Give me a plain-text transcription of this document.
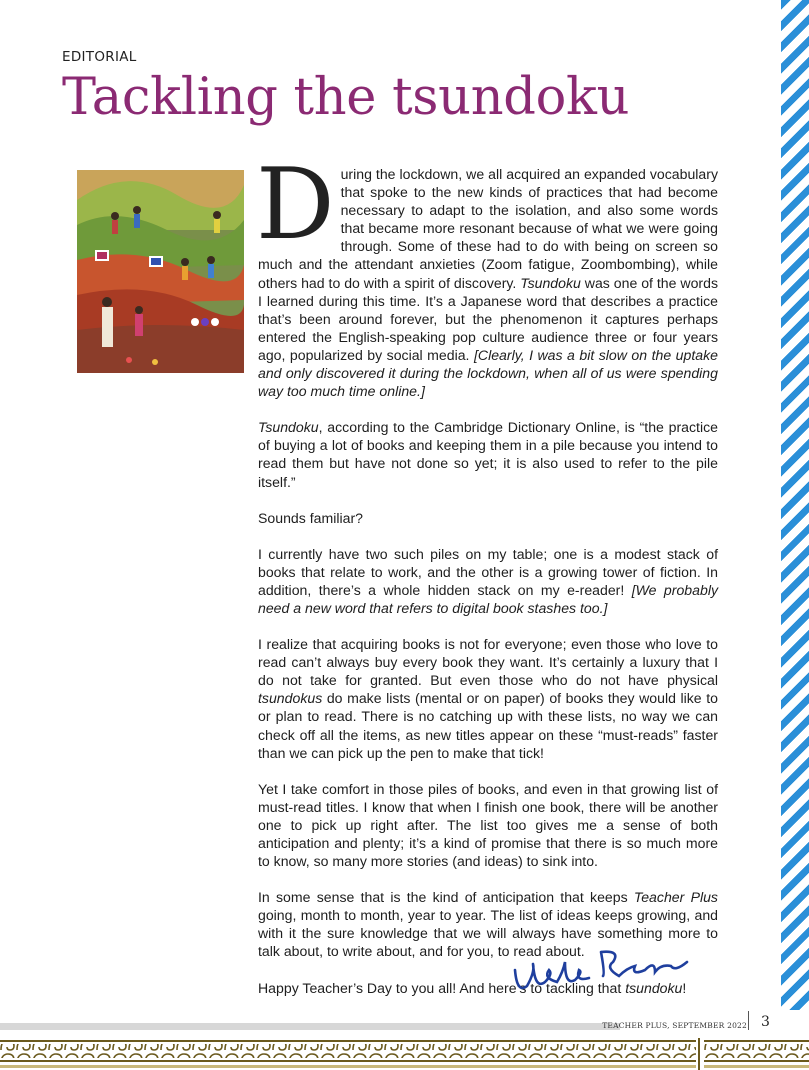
EDITORIAL
Tackling the tsundoku

During the lockdown, we all acquired an expanded vocabulary that spoke to the new kinds of practices that had become necessary to adapt to the isolation, and also some words that became more resonant because of what we were going through. Some of these had to do with being on screen so much and the attendant anxieties (Zoom fatigue, Zoombombing), while others had to do with a spirit of discovery. Tsundoku was one of the words I learned during this time. It’s a Japanese word that describes a practice that’s been around forever, but the phenomenon it captures perhaps entered the English-speaking pop culture audience three or four years ago, popularized by social media. [Clearly, I was a bit slow on the uptake and only discovered it during the lockdown, when all of us were spending way too much time online.]

Tsundoku, according to the Cambridge Dictionary Online, is “the practice of buying a lot of books and keeping them in a pile because you intend to read them but have not done so yet; it is also used to refer to the pile itself.”

Sounds familiar?

I currently have two such piles on my table; one is a modest stack of books that relate to work, and the other is a growing tower of fiction. In addition, there’s a whole hidden stack on my e-reader! [We probably need a new word that refers to digital book stashes too.]

I realize that acquiring books is not for everyone; even those who love to read can’t always buy every book they want. It’s certainly a luxury that I do not take for granted. But even those who do not have physical tsundokus do make lists (mental or on paper) of books they would like to or plan to read. There is no catching up with these lists, no way we can check off all the items, as new titles appear on these “must-reads” faster than we can pick up the pen to make that tick!

Yet I take comfort in those piles of books, and even in that growing list of must-read titles. I know that when I finish one book, there will be another one to pick up right after. The list too gives me a sense of both anticipation and plenty; it’s a kind of promise that there is so much more to know, so many more stories (and ideas) to sink into.

In some sense that is the kind of anticipation that keeps Teacher Plus going, month to month, year to year. The list of ideas keeps growing, and with it the sure knowledge that we will always have something more to talk about, to write about, and for you, to read about.

Happy Teacher’s Day to you all! And here’s to tackling that tsundoku!

TEACHER PLUS, SEPTEMBER 2022 3
